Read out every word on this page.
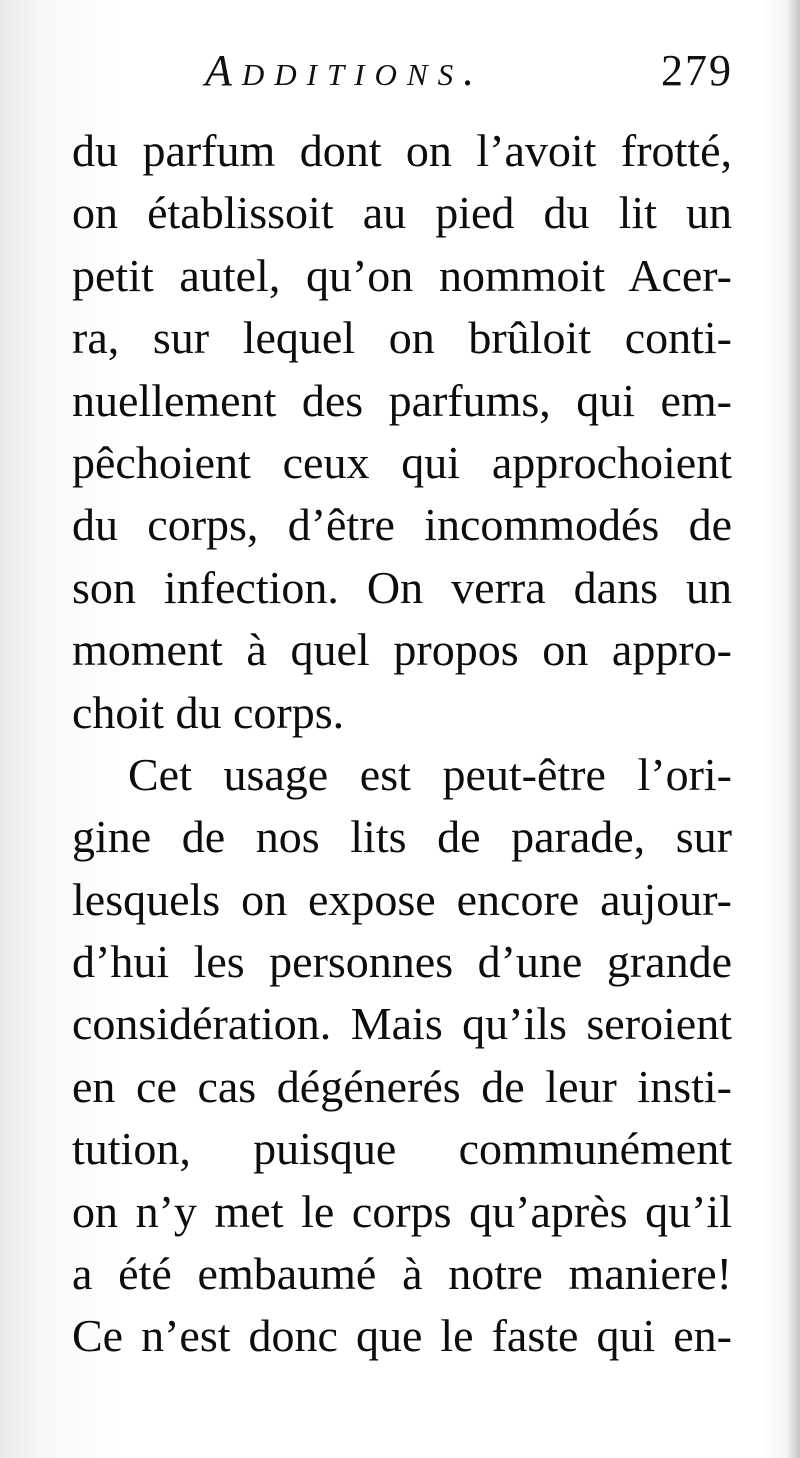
Additions.	279
du parfum dont on l’avoit frotté,
on établissoit au pied du lit un
petit autel, qu’on nommoit Acer-
ra, sur lequel on brûloit conti-
nuellement des parfums, qui em-
pêchoient ceux qui approchoient
du corps, d’être incommodés de
son infection. On verra dans un
moment à quel propos on appro-
choit du corps.
Cet usage est peut-être l’ori-
gine de nos lits de parade, sur
lesquels on expose encore aujour-
d’hui les personnes d’une grande
considération. Mais qu’ils seroient
en ce cas dégénerés de leur insti-
tution, puisque communément
on n’y met le corps qu’après qu’il
a été embaumé à notre maniere!
Ce n’est donc que le faste qui en-
